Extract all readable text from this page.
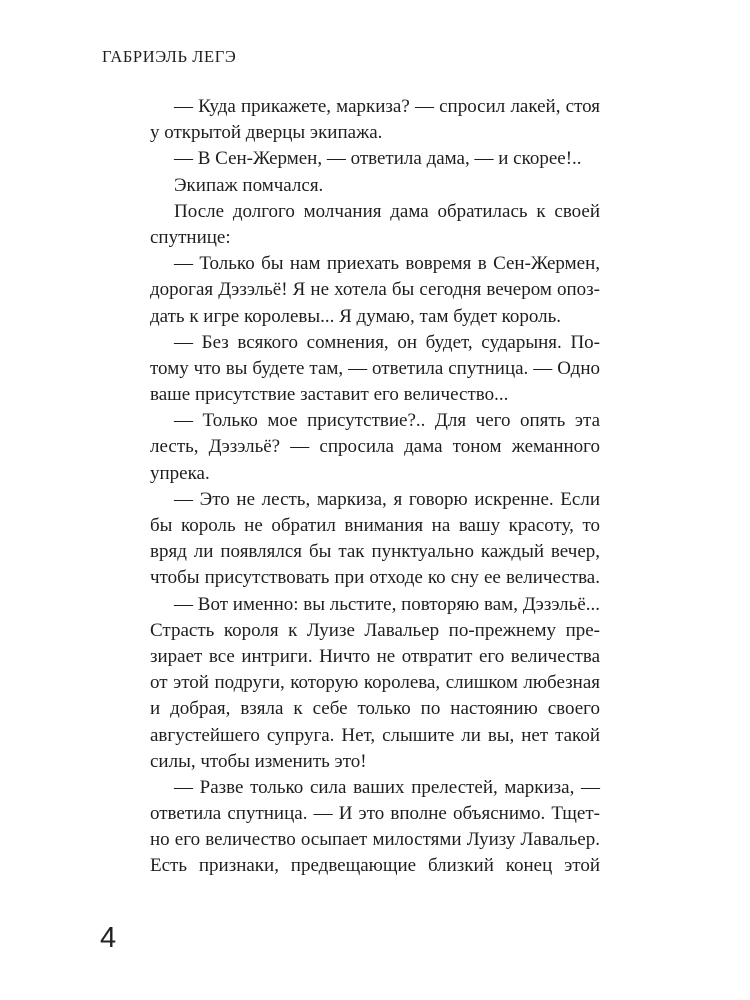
ГАБРИЭЛЬ ЛЕГЭ
— Куда прикажете, маркиза? — спросил лакей, стоя
у открытой дверцы экипажа.
— В Сен-Жермен, — ответила дама, — и скорее!..
Экипаж помчался.
После долгого молчания дама обратилась к своей
спутнице:
— Только бы нам приехать вовремя в Сен-Жермен,
дорогая Дэзэльё! Я не хотела бы сегодня вечером опоз-
дать к игре королевы... Я думаю, там будет король.
— Без всякого сомнения, он будет, сударыня. По-
тому что вы будете там, — ответила спутница. — Одно
ваше присутствие заставит его величество...
— Только мое присутствие?.. Для чего опять эта
лесть, Дэзэльё? — спросила дама тоном жеманного
упрека.
— Это не лесть, маркиза, я говорю искренне. Если
бы король не обратил внимания на вашу красоту, то
вряд ли появлялся бы так пунктуально каждый вечер,
чтобы присутствовать при отходе ко сну ее величества.
— Вот именно: вы льстите, повторяю вам, Дэзэльё...
Страсть короля к Луизе Лавальер по-прежнему пре-
зирает все интриги. Ничто не отвратит его величества
от этой подруги, которую королева, слишком любезная
и добрая, взяла к себе только по настоянию своего
августейшего супруга. Нет, слышите ли вы, нет такой
силы, чтобы изменить это!
— Разве только сила ваших прелестей, маркиза, —
ответила спутница. — И это вполне объяснимо. Тщет-
но его величество осыпает милостями Луизу Лавальер.
Есть признаки, предвещающие близкий конец этой
4
